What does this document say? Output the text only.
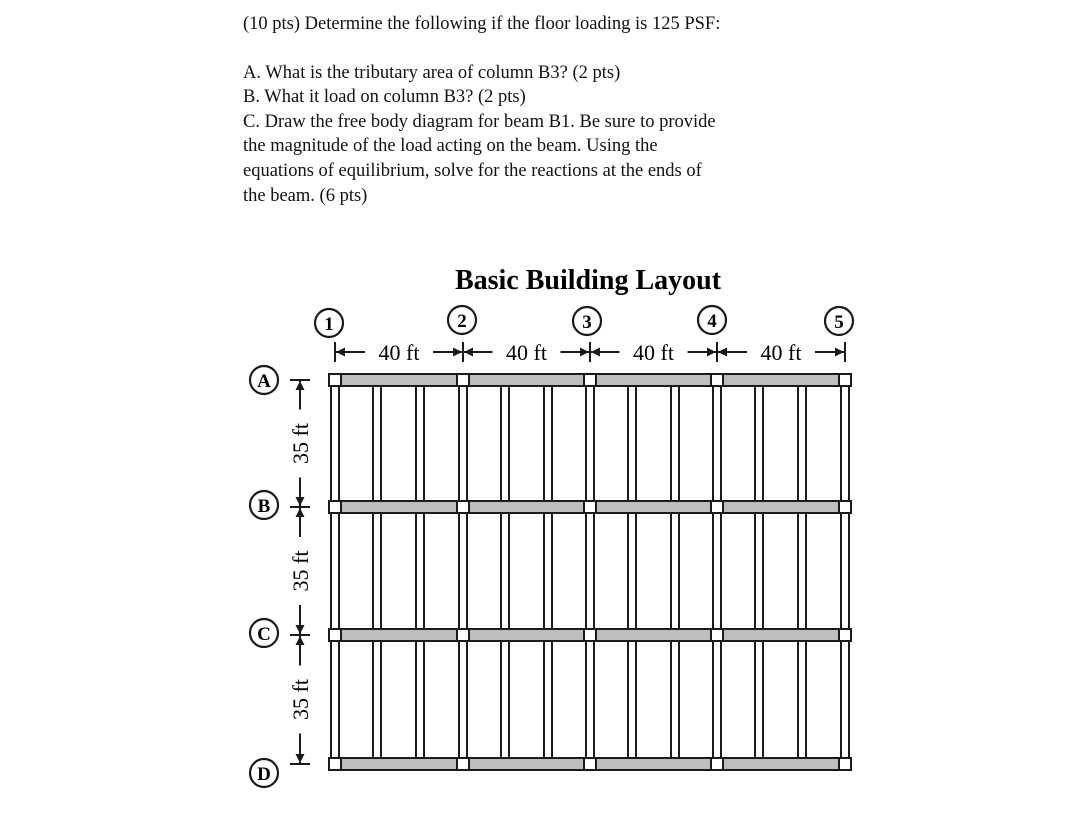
(10 pts) Determine the following if the floor loading is 125 PSF:
A. What is the tributary area of column B3? (2 pts)
B. What it load on column B3? (2 pts)
C. Draw the free body diagram for beam B1. Be sure to provide
the magnitude of the load acting on the beam. Using the
equations of equilibrium, solve for the reactions at the ends of
the beam. (6 pts)
Basic Building Layout
1	2	3	4	5
A
B
C
D
40 ft	40 ft	40 ft	40 ft
35 ft
35 ft
35 ft
